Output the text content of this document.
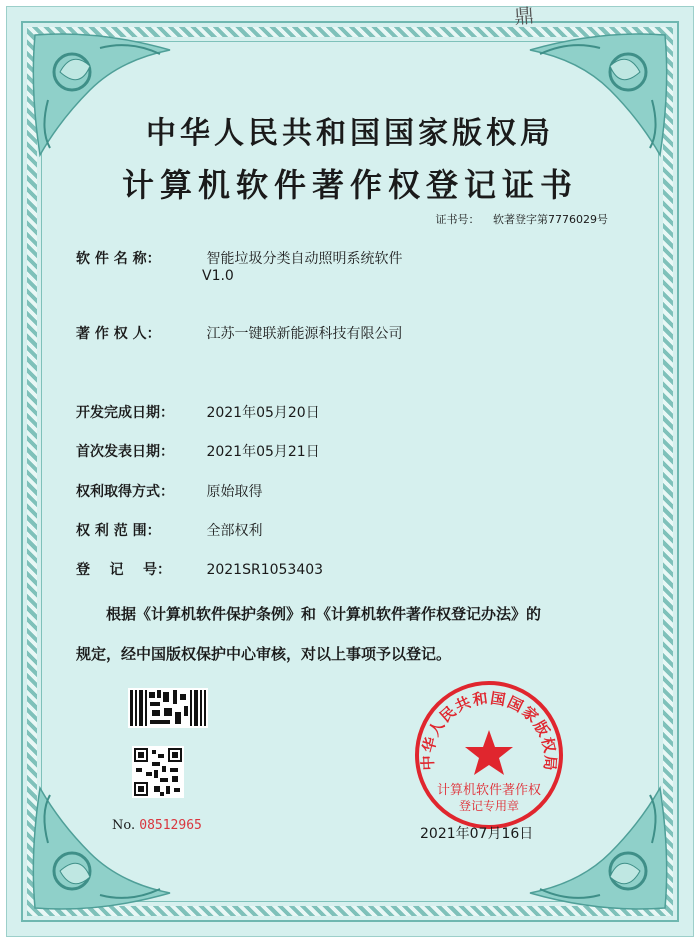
鼎
中华人民共和国国家版权局
计算机软件著作权登记证书
证书号： 软著登字第7776029号
软 件 名 称：	智能垃圾分类自动照明系统软件
V1.0
著 作 权 人：	江苏一键联新能源科技有限公司
开发完成日期： 2021年05月20日
首次发表日期： 2021年05月21日
权利取得方式： 原始取得
权 利 范 围：	全部权利
登    记    号：	2021SR1053403
根据《计算机软件保护条例》和《计算机软件著作权登记办法》的
规定，经中国版权保护中心审核，对以上事项予以登记。
No. 08512965
中华人民共和国国家版权局
计算机软件著作权
登记专用章
2021年07月16日
